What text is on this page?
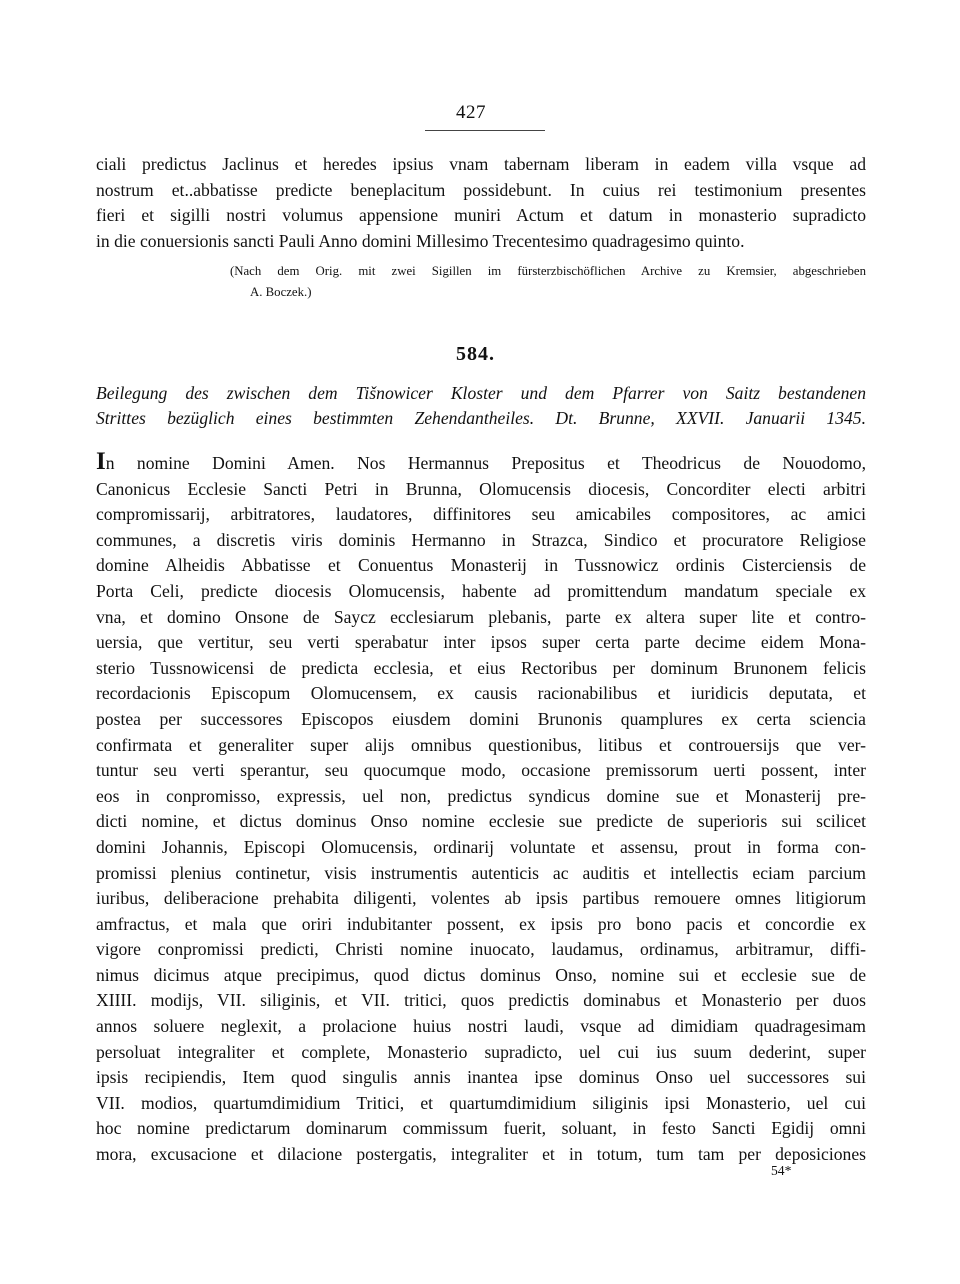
427
ciali predictus Jaclinus et heredes ipsius vnam tabernam liberam in eadem villa vsque ad
nostrum et..abbatisse predicte beneplacitum possidebunt. In cuius rei testimonium presentes
fieri et sigilli nostri volumus appensione muniri Actum et datum in monasterio supradicto
in die conuersionis sancti Pauli Anno domini Millesimo Trecentesimo quadragesimo quinto.
(Nach dem Orig. mit zwei Sigillen im fürsterzbischöflichen Archive zu Kremsier, abgeschrieben
A. Boczek.)
584.
Beilegung des zwischen dem Tišnowicer Kloster und dem Pfarrer von Saitz bestandenen
Strittes bezüglich eines bestimmten Zehendantheiles. Dt. Brunne, XXVII. Januarii 1345.
In nomine Domini Amen. Nos Hermannus Prepositus et Theodricus de Nouodomo,
Canonicus Ecclesie Sancti Petri in Brunna, Olomucensis diocesis, Concorditer electi arbitri
compromissarij, arbitratores, laudatores, diffinitores seu amicabiles compositores, ac amici
communes, a discretis viris dominis Hermanno in Strazca, Sindico et procuratore Religiose
domine Alheidis Abbatisse et Conuentus Monasterij in Tussnowicz ordinis Cisterciensis de
Porta Celi, predicte diocesis Olomucensis, habente ad promittendum mandatum speciale ex
vna, et domino Onsone de Saycz ecclesiarum plebanis, parte ex altera super lite et contro-
uersia, que vertitur, seu verti sperabatur inter ipsos super certa parte decime eidem Mona-
sterio Tussnowicensi de predicta ecclesia, et eius Rectoribus per dominum Brunonem felicis
recordacionis Episcopum Olomucensem, ex causis racionabilibus et iuridicis deputata, et
postea per successores Episcopos eiusdem domini Brunonis quamplures ex certa sciencia
confirmata et generaliter super alijs omnibus questionibus, litibus et controuersijs que ver-
tuntur seu verti sperantur, seu quocumque modo, occasione premissorum uerti possent, inter
eos in conpromisso, expressis, uel non, predictus syndicus domine sue et Monasterij pre-
dicti nomine, et dictus dominus Onso nomine ecclesie sue predicte de superioris sui scilicet
domini Johannis, Episcopi Olomucensis, ordinarij voluntate et assensu, prout in forma con-
promissi plenius continetur, visis instrumentis autenticis ac auditis et intellectis eciam parcium
iuribus, deliberacione prehabita diligenti, volentes ab ipsis partibus remouere omnes litigiorum
amfractus, et mala que oriri indubitanter possent, ex ipsis pro bono pacis et concordie ex
vigore conpromissi predicti, Christi nomine inuocato, laudamus, ordinamus, arbitramur, diffi-
nimus dicimus atque precipimus, quod dictus dominus Onso, nomine sui et ecclesie sue de
XIIII. modijs, VII. siliginis, et VII. tritici, quos predictis dominabus et Monasterio per duos
annos soluere neglexit, a prolacione huius nostri laudi, vsque ad dimidiam quadragesimam
persoluat integraliter et complete, Monasterio supradicto, uel cui ius suum dederint, super
ipsis recipiendis, Item quod singulis annis inantea ipse dominus Onso uel successores sui
VII. modios, quartumdimidium Tritici, et quartumdimidium siliginis ipsi Monasterio, uel cui
hoc nomine predictarum dominarum commissum fuerit, soluant, in festo Sancti Egidij omni
mora, excusacione et dilacione postergatis, integraliter et in totum, tum tam per deposiciones
54*
